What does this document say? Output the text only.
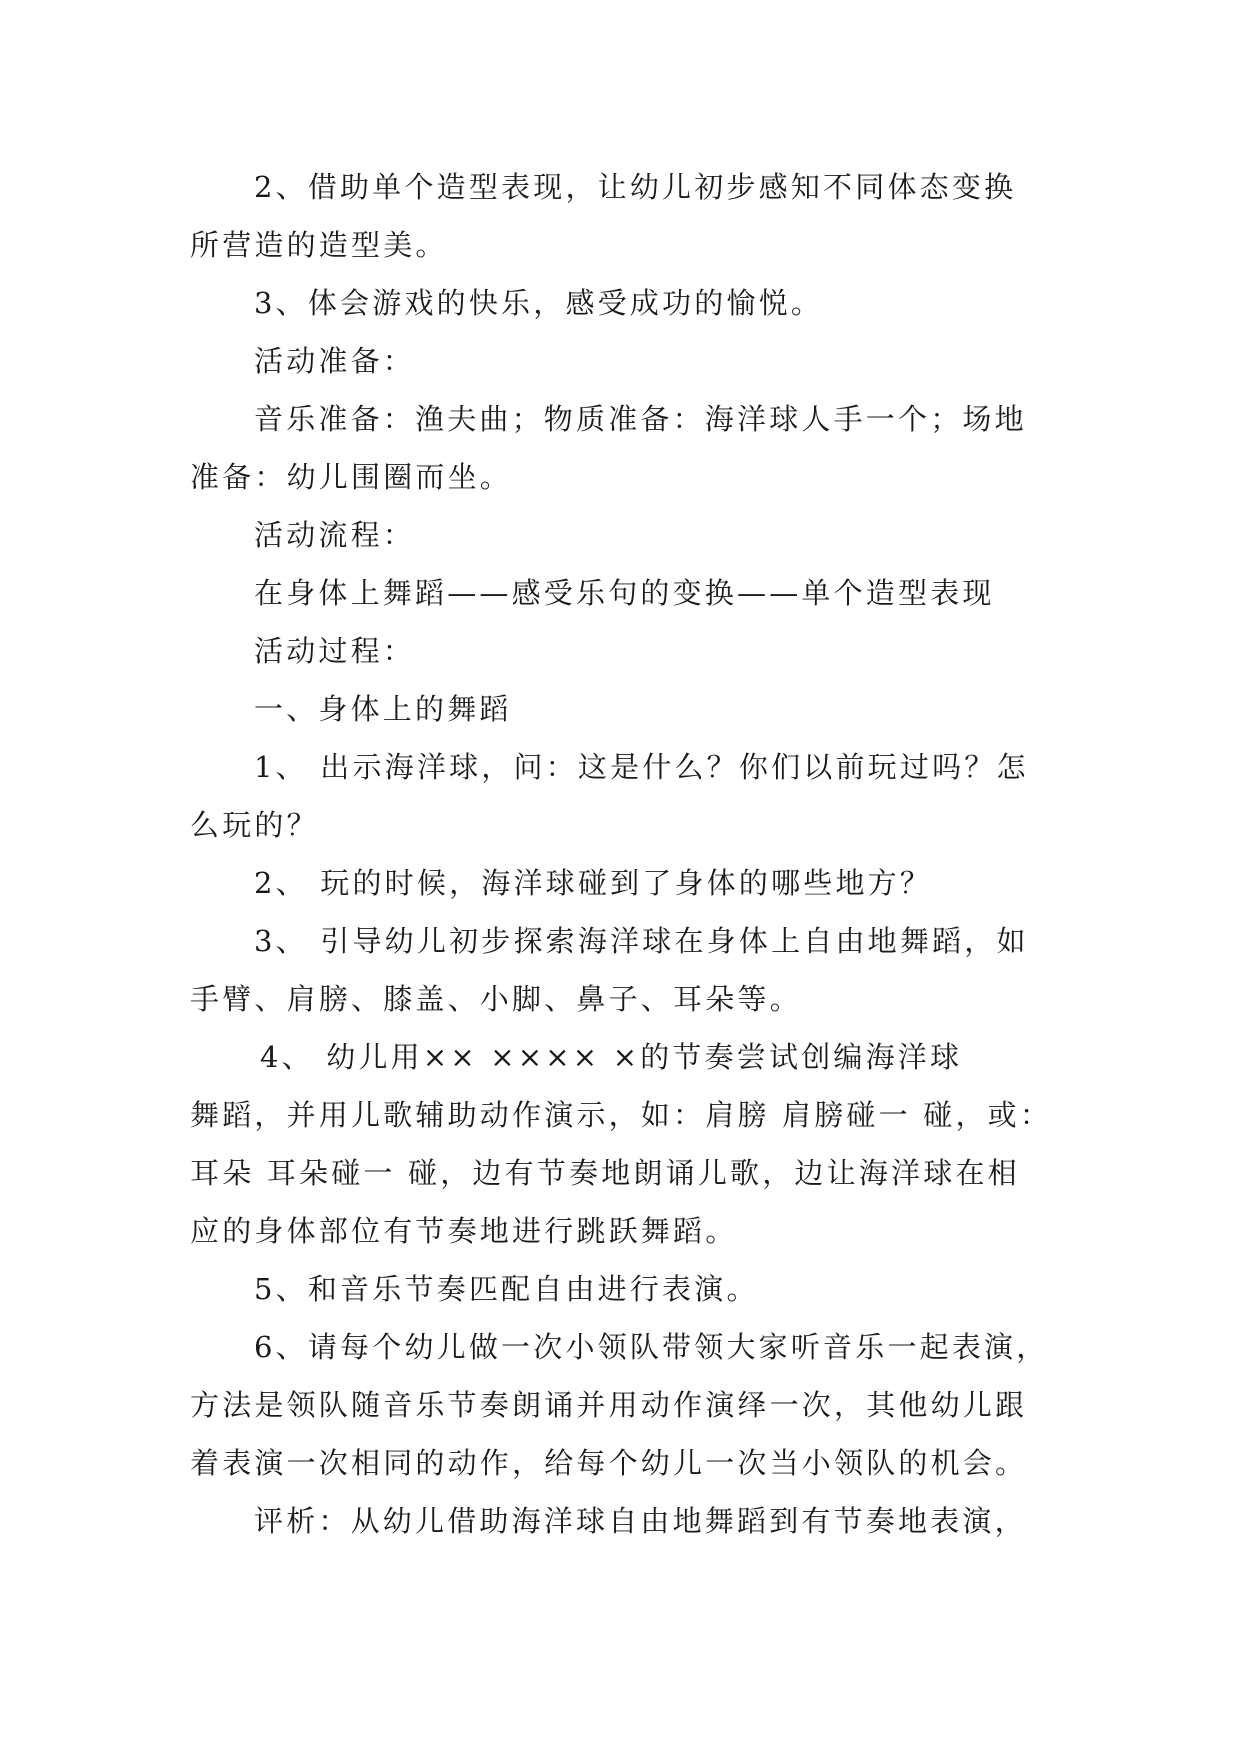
2、借助单个造型表现，让幼儿初步感知不同体态变换
所营造的造型美。
3、体会游戏的快乐，感受成功的愉悦。
活动准备：
音乐准备：渔夫曲；物质准备：海洋球人手一个；场地
准备：幼儿围圈而坐。
活动流程：
在身体上舞蹈——感受乐句的变换——单个造型表现
活动过程：
一、身体上的舞蹈
1、 出示海洋球，问：这是什么？你们以前玩过吗？怎
么玩的？
2、 玩的时候，海洋球碰到了身体的哪些地方？
3、 引导幼儿初步探索海洋球在身体上自由地舞蹈，如
手臂、肩膀、膝盖、小脚、鼻子、耳朵等。
4、 幼儿用×× ×××× ×的节奏尝试创编海洋球
舞蹈，并用儿歌辅助动作演示，如：肩膀 肩膀碰一 碰，或：
耳朵 耳朵碰一 碰，边有节奏地朗诵儿歌，边让海洋球在相
应的身体部位有节奏地进行跳跃舞蹈。
5、和音乐节奏匹配自由进行表演。
6、请每个幼儿做一次小领队带领大家听音乐一起表演，
方法是领队随音乐节奏朗诵并用动作演绎一次，其他幼儿跟
着表演一次相同的动作，给每个幼儿一次当小领队的机会。
评析：从幼儿借助海洋球自由地舞蹈到有节奏地表演，
